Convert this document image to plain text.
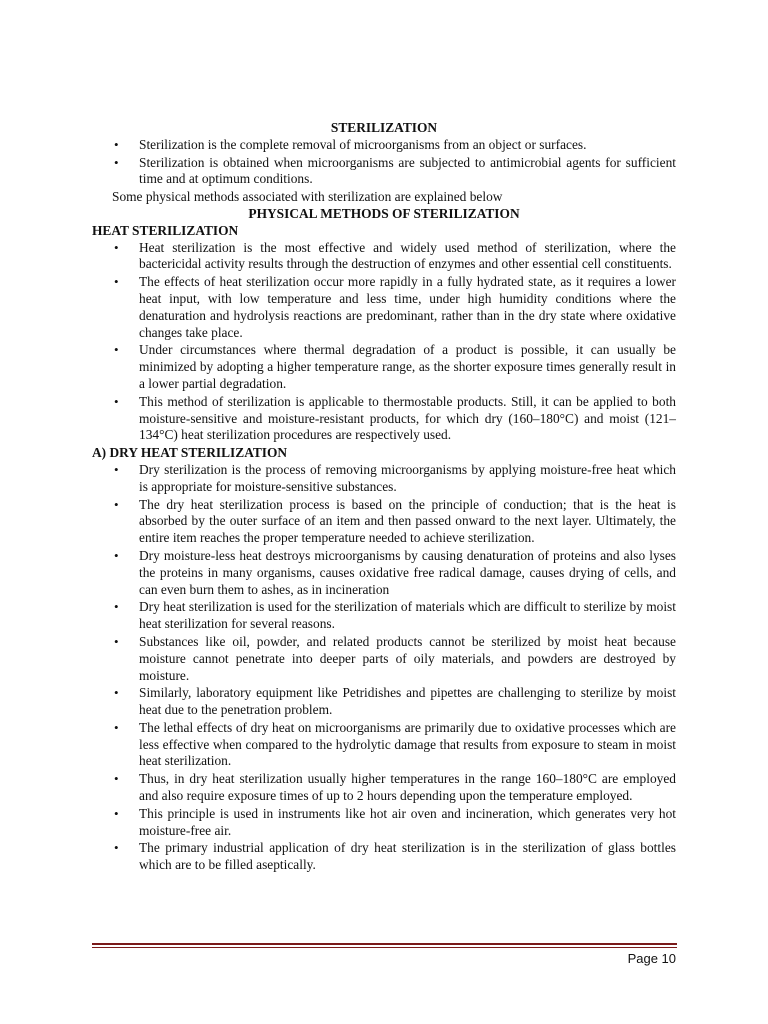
STERILIZATION

• Sterilization is the complete removal of microorganisms from an object or surfaces.
• Sterilization is obtained when microorganisms are subjected to antimicrobial agents for sufficient time and at optimum conditions.

Some physical methods associated with sterilization are explained below

PHYSICAL METHODS OF STERILIZATION

HEAT STERILIZATION

• Heat sterilization is the most effective and widely used method of sterilization, where the bactericidal activity results through the destruction of enzymes and other essential cell constituents.
• The effects of heat sterilization occur more rapidly in a fully hydrated state, as it requires a lower heat input, with low temperature and less time, under high humidity conditions where the denaturation and hydrolysis reactions are predominant, rather than in the dry state where oxidative changes take place.
• Under circumstances where thermal degradation of a product is possible, it can usually be minimized by adopting a higher temperature range, as the shorter exposure times generally result in a lower partial degradation.
• This method of sterilization is applicable to thermostable products. Still, it can be applied to both moisture-sensitive and moisture-resistant products, for which dry (160–180°C) and moist (121–134°C) heat sterilization procedures are respectively used.

A) DRY HEAT STERILIZATION

• Dry sterilization is the process of removing microorganisms by applying moisture-free heat which is appropriate for moisture-sensitive substances.
• The dry heat sterilization process is based on the principle of conduction; that is the heat is absorbed by the outer surface of an item and then passed onward to the next layer. Ultimately, the entire item reaches the proper temperature needed to achieve sterilization.
• Dry moisture-less heat destroys microorganisms by causing denaturation of proteins and also lyses the proteins in many organisms, causes oxidative free radical damage, causes drying of cells, and can even burn them to ashes, as in incineration
• Dry heat sterilization is used for the sterilization of materials which are difficult to sterilize by moist heat sterilization for several reasons.
• Substances like oil, powder, and related products cannot be sterilized by moist heat because moisture cannot penetrate into deeper parts of oily materials, and powders are destroyed by moisture.
• Similarly, laboratory equipment like Petridishes and pipettes are challenging to sterilize by moist heat due to the penetration problem.
• The lethal effects of dry heat on microorganisms are primarily due to oxidative processes which are less effective when compared to the hydrolytic damage that results from exposure to steam in moist heat sterilization.
• Thus, in dry heat sterilization usually higher temperatures in the range 160–180°C are employed and also require exposure times of up to 2 hours depending upon the temperature employed.
• This principle is used in instruments like hot air oven and incineration, which generates very hot moisture-free air.
• The primary industrial application of dry heat sterilization is in the sterilization of glass bottles which are to be filled aseptically.
Page 10
